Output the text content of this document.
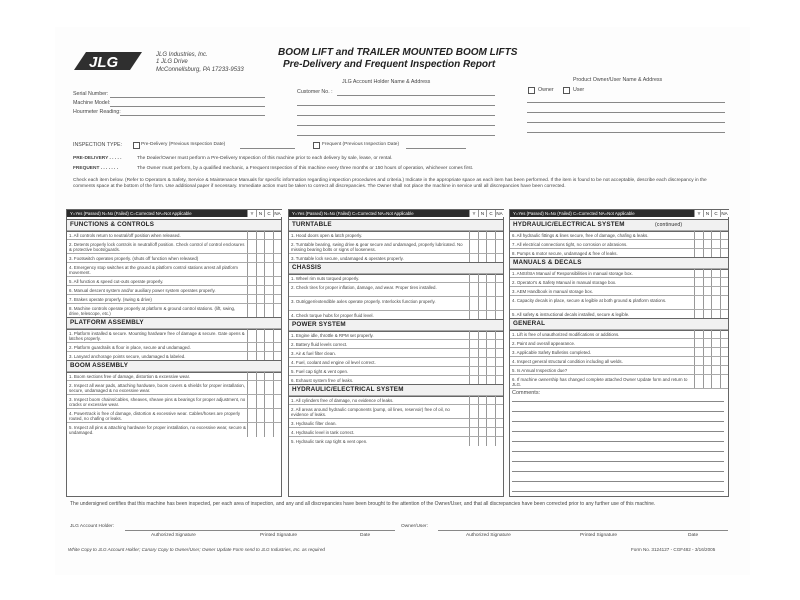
JLG	JLG Industries, Inc.
1 JLG Drive
McConnellsburg, PA 17233-9533
BOOM LIFT and TRAILER MOUNTED BOOM LIFTS
Pre-Delivery and Frequent Inspection Report
Serial Number:
Machine Model:
Hourmeter Reading:
JLG Account Holder Name & Address
Customer No. :
Product Owner/User Name & Address
Owner	User
INSPECTION TYPE:	Pre-Delivery (Previous Inspection Date)	Frequent (Previous Inspection Date)
PRE-DELIVERY . . . . .	The Dealer/Owner must perform a Pre-Delivery Inspection of this machine prior to each delivery by sale, lease, or rental.
FREQUENT . . . . . . .	The Owner must perform, by a qualified mechanic, a Frequent Inspection of this machine every three months or 150 hours of operation, whichever comes first.
Check each item below. (Refer to Operators & Safety, Service & Maintenance Manuals for specific information regarding inspection procedures and criteria.) Indicate in the appropriate space as each item has been performed. If the item is found to be not acceptable, describe each discrepancy in the comments space at the bottom of the form. Use additional paper if necessary. Immediate action must be taken to correct all discrepancies. The Owner shall not place the machine in service until all discrepancies have been corrected.
Y=Yes (Passed) N=No (Failed) C=Corrected NA=Not Applicable	Y	N	C NA
FUNCTIONS & CONTROLS
1. All controls return to neutral/off position when released.
2. Detents properly lock controls in neutral/off position. Check control of control enclosures & protective boots/guards.
3. Footswitch operates properly. (shuts off function when released)
4. Emergency stop switches at the ground & platform control stations arrest all platform movement.
5. All function & speed cut-outs operate properly.
6. Manual descent system and/or auxiliary power system operates properly.
7. Brakes operate properly. (swing & drive)
8. Machine controls operate properly at platform & ground control stations. (lift, swing, drive, telescope, etc.)
PLATFORM ASSEMBLY
1. Platform installed & secure. Mounting hardware free of damage & secure. Gate opens & latches properly.
2. Platform guardrails & floor in place, secure and undamaged.
3. Lanyard anchorage points secure, undamaged & labeled.
BOOM ASSEMBLY
1. Boom sections free of damage, distortion & excessive wear.
2. Inspect all wear pads, attaching hardware, boom covers & shields for proper installation, secure, undamaged & no excessive wear.
3. Inspect boom chains/cables, sheaves, sheave pins & bearings for proper adjustment, no cracks or excessive wear.
4. Powertrack is free of damage, distortion & excessive wear. Cables/hoses are properly routed, no chafing or leaks.
5. Inspect all pins & attaching hardware for proper installation, no excessive wear, secure & undamaged.
Y=Yes (Passed) N=No (Failed) C=Corrected NA=Not Applicable	Y	N	C NA
TURNTABLE
1. Hood doors open & latch properly.
2. Turntable bearing, swing drive & gear secure and undamaged, properly lubricated. No missing bearing bolts or signs of looseness.
3. Turntable lock secure, undamaged & operates properly.
CHASSIS
1. Wheel rim nuts torqued properly.
2. Check tires for proper inflation, damage, and wear. Proper tires installed.
3. Outrigger/extendible axles operate properly. Interlocks function properly.
4. Check torque hubs for proper fluid level.
POWER SYSTEM
1. Engine idle, throttle & RPM set properly.
2. Battery fluid levels correct.
3. Air & fuel filter clean.
4. Fuel, coolant and engine oil level correct.
5. Fuel cap tight & vent open.
6. Exhaust system free of leaks.
HYDRAULIC/ELECTRICAL SYSTEM
1. All cylinders free of damage, no evidence of leaks.
2. All areas around hydraulic components (pump, oil lines, reservoir) free of oil, no evidence of leaks.
3. Hydraulic filter clean.
4. Hydraulic level in tank correct.
5. Hydraulic tank cap tight & vent open.
Y=Yes (Passed) N=No (Failed) C=Corrected NA=Not Applicable	Y	N	C NA
HYDRAULIC/ELECTRICAL SYSTEM	(continued)
6. All hydraulic fittings & lines secure, free of damage, chafing & leaks.
7. All electrical connections tight, no corrosion or abrasions.
8. Pumps & motor secure, undamaged & free of leaks.
MANUALS & DECALS
1. ANSI/SIA Manual of Responsibilities in manual storage box.
2. Operator's & Safety Manual in manual storage box.
3. AEM Handbook in manual storage box.
4. Capacity decals in place, secure & legible at both ground & platform stations.
5. All safety & instructional decals installed, secure & legible.
GENERAL
1. Lift is free of unauthorized modifications or additions.
2. Paint and overall appearance.
3. Applicable Safety Bulletins completed.
4. Inspect general structural condition including all welds.
5. Is Annual Inspection due?
6. If machine ownership has changed complete attached Owner Update form and return to JLG.
Comments:
The undersigned certifies that this machine has been inspected, per each area of inspection, and any and all discrepancies have been brought to the attention of the Owner/User, and that all discrepancies have been corrected prior to any further use of this machine.
JLG Account Holder:	Owner/User:
Authorized Signature	Printed Signature	Date	Authorized Signature	Printed Signature	Date
White Copy to JLG Account Holder; Canary Copy to Owner/User; Owner Update Form send to JLG Industries, Inc. as required	Form No. 3124127 - CGF482 - 3/16/2005
